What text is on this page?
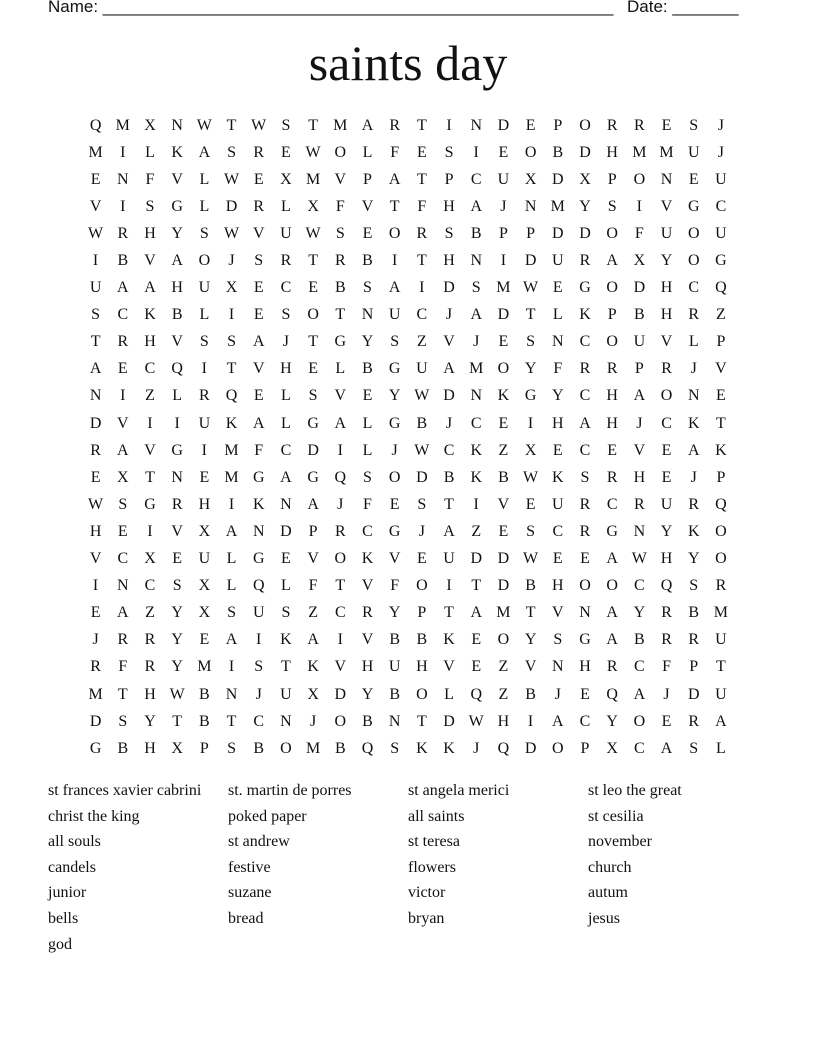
Name: ______________________________________________________ Date: _______
saints day
Q M X N W T W S	T M A	R	T	I	N D	E	P	O	R	R	E	S	J
M	I	L	K A	S	R	E W O	L	F	E	S	I	E	O	B	D H M M U	J
E	N	F	V	L W E	X M V	P	A	T	P	C	U X D X	P	O N	E	U
V	I	S	G	L	D	R	L	X	F	V	T	F	H A	J	N M Y	S	I	V G	C
W R	H Y	S W V U W S	E	O	R	S	B	P	P	D D O	F	U O U
I	B	V A O	J	S	R	T	R	B	I	T	H N	I	D U	R	A X Y O G
U A A H U X	E	C	E	B	S	A	I	D	S M W E	G O D H	C	Q
S	C	K	B	L	I	E	S	O	T	N U	C	J	A D	T	L	K	P	B	H	R	Z
T	R	H V	S	S	A	J	T	G Y	S	Z	V	J	E	S	N	C	O U V	L	P
A	E	C	Q	I	T	V H	E	L	B	G U A M O Y	F	R	R	P	R	J	V
N	I	Z	L	R	Q	E	L	S	V	E	Y W D N K G Y	C	H A O N	E
D V	I	I	U K A	L	G A	L	G	B	J	C	E	I	H A H	J	C	K	T
R	A V G	I	M F	C	D	I	L	J	W C	K	Z	X	E	C	E	V	E	A K
E	X	T	N	E M G A G Q	S	O D	B	K	B W K	S	R	H	E	J	P
W S	G	R	H	I	K N A	J	F	E	S	T	I	V	E	U	R	C	R	U	R	Q
H	E	I	V X A N D	P	R	C	G	J	A	Z	E	S	C	R	G N Y K O
V	C	X	E	U	L	G	E	V O K V	E	U D D W E	E	A W H Y O
I	N	C	S	X	L	Q	L	F	T	V	F	O	I	T	D	B	H O O	C	Q	S	R
E	A	Z	Y X	S	U	S	Z	C	R	Y	P	T	A M T	V N A Y	R	B M
J	R	R	Y	E	A	I	K A	I	V	B	B	K	E	O Y	S	G A	B	R	R	U
R	F	R	Y M	I	S	T	K V H U H V	E	Z	V N H	R	C	F	P	T
M T	H W B	N	J	U X D Y	B	O	L	Q	Z	B	J	E	Q A	J	D U
D	S	Y	T	B	T	C	N	J	O	B	N	T	D W H	I	A	C	Y O	E	R	A
G	B	H X	P	S	B	O M B	Q	S	K K	J	Q D O	P	X	C	A	S	L
st frances xavier cabrini	st. martin de porres	st angela merici	st leo the great
christ the king	poked paper	all saints	st cesilia
all souls	st andrew	st teresa	november
candels	festive	flowers	church
junior	suzane	victor	autum
bells	bread	bryan	jesus
god
